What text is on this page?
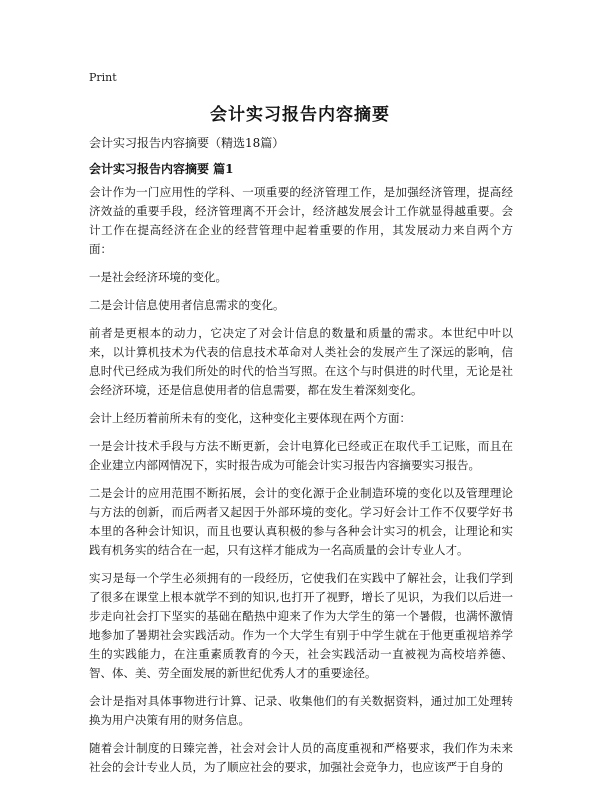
Print
会计实习报告内容摘要
会计实习报告内容摘要（精选18篇）
会计实习报告内容摘要 篇1

会计作为一门应用性的学科、一项重要的经济管理工作，是加强经济管理，提高经济效益的重要手段，经济管理离不开会计，经济越发展会计工作就显得越重要。会计工作在提高经济在企业的经营管理中起着重要的作用，其发展动力来自两个方面：

一是社会经济环境的变化。

二是会计信息使用者信息需求的变化。

前者是更根本的动力，它决定了对会计信息的数量和质量的需求。本世纪中叶以来，以计算机技术为代表的信息技术革命对人类社会的发展产生了深远的影响，信息时代已经成为我们所处的时代的恰当写照。在这个与时俱进的时代里，无论是社会经济环境，还是信息使用者的信息需要，都在发生着深刻变化。

会计上经历着前所未有的变化，这种变化主要体现在两个方面：

一是会计技术手段与方法不断更新，会计电算化已经或正在取代手工记账，而且在企业建立内部网情况下，实时报告成为可能会计实习报告内容摘要实习报告。

二是会计的应用范围不断拓展，会计的变化源于企业制造环境的变化以及管理理论与方法的创新，而后两者又起因于外部环境的变化。学习好会计工作不仅要学好书本里的各种会计知识，而且也要认真积极的参与各种会计实习的机会，让理论和实践有机务实的结合在一起，只有这样才能成为一名高质量的会计专业人才。

实习是每一个学生必须拥有的一段经历，它使我们在实践中了解社会，让我们学到了很多在课堂上根本就学不到的知识,也打开了视野，增长了见识，为我们以后进一步走向社会打下坚实的基础在酷热中迎来了作为大学生的第一个暑假，也满怀激情地参加了暑期社会实践活动。作为一个大学生有别于中学生就在于他更重视培养学生的实践能力，在注重素质教育的今天，社会实践活动一直被视为高校培养德、智、体、美、劳全面发展的新世纪优秀人才的重要途径。

会计是指对具体事物进行计算、记录、收集他们的有关数据资料，通过加工处理转换为用户决策有用的财务信息。

随着会计制度的日臻完善，社会对会计人员的高度重视和严格要求，我们作为未来社会的会计专业人员，为了顺应社会的要求，加强社会竞争力，也应该严于自身的
